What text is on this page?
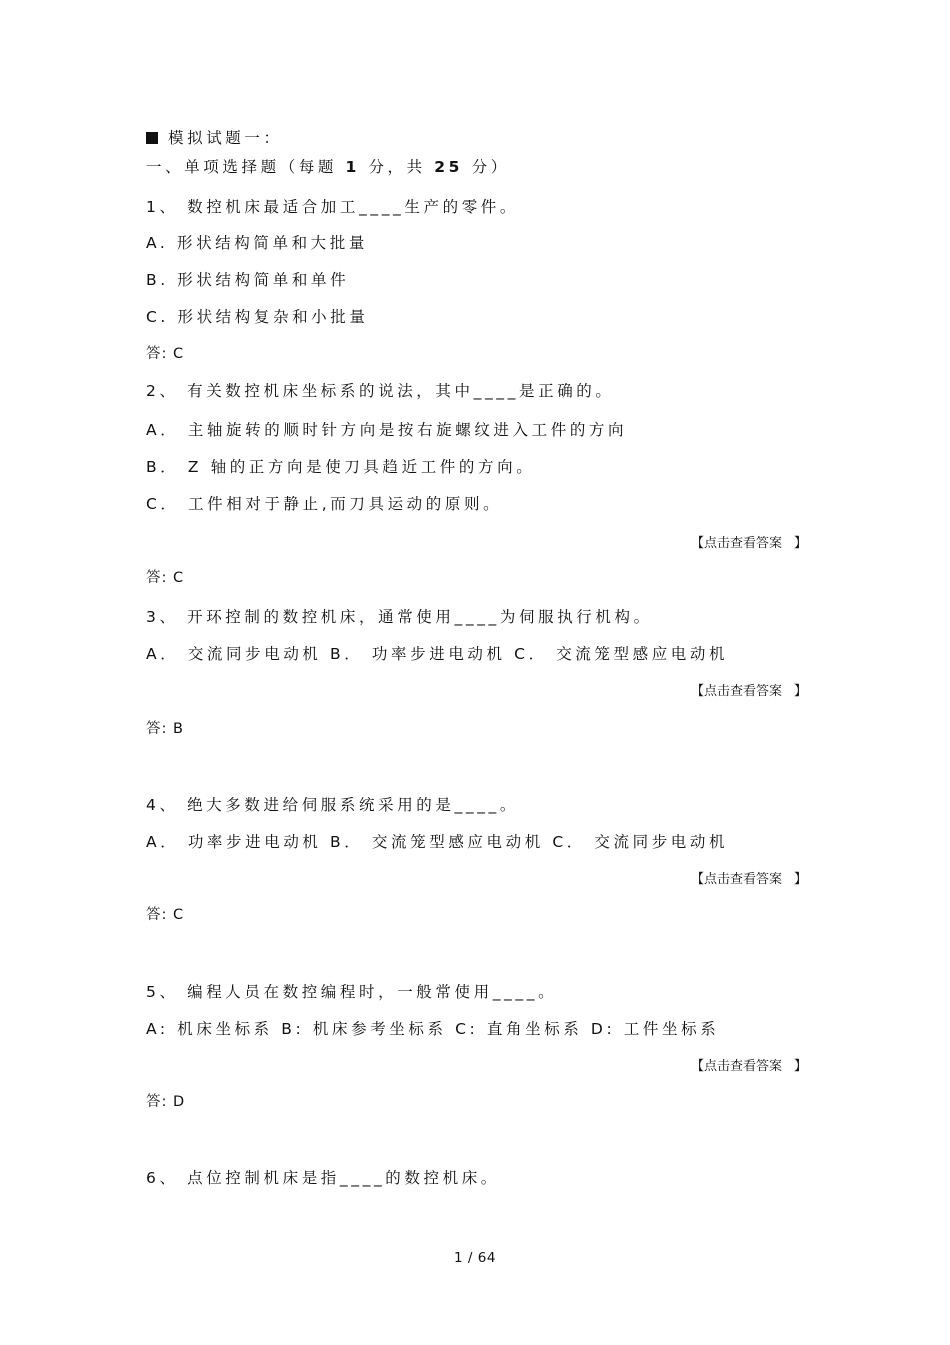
模拟试题一：
一、单项选择题（每题 1 分，共 25 分）
1、 数控机床最适合加工____生产的零件。
A. 形状结构简单和大批量
B. 形状结构简单和单件
C. 形状结构复杂和小批量
答: C
2、 有关数控机床坐标系的说法，其中____是正确的。
A． 主轴旋转的顺时针方向是按右旋螺纹进入工件的方向
B． Z 轴的正方向是使刀具趋近工件的方向。
C． 工件相对于静止,而刀具运动的原则。
【点击查看答案 】
答: C
3、 开环控制的数控机床，通常使用____为伺服执行机构。
A． 交流同步电动机 B． 功率步进电动机 C． 交流笼型感应电动机
【点击查看答案 】
答: B
4、 绝大多数进给伺服系统采用的是____。
A． 功率步进电动机 B． 交流笼型感应电动机 C． 交流同步电动机
【点击查看答案 】
答: C
5、 编程人员在数控编程时，一般常使用____。
A: 机床坐标系 B: 机床参考坐标系 C: 直角坐标系 D: 工件坐标系
【点击查看答案 】
答: D
6、 点位控制机床是指____的数控机床。
1 / 64
